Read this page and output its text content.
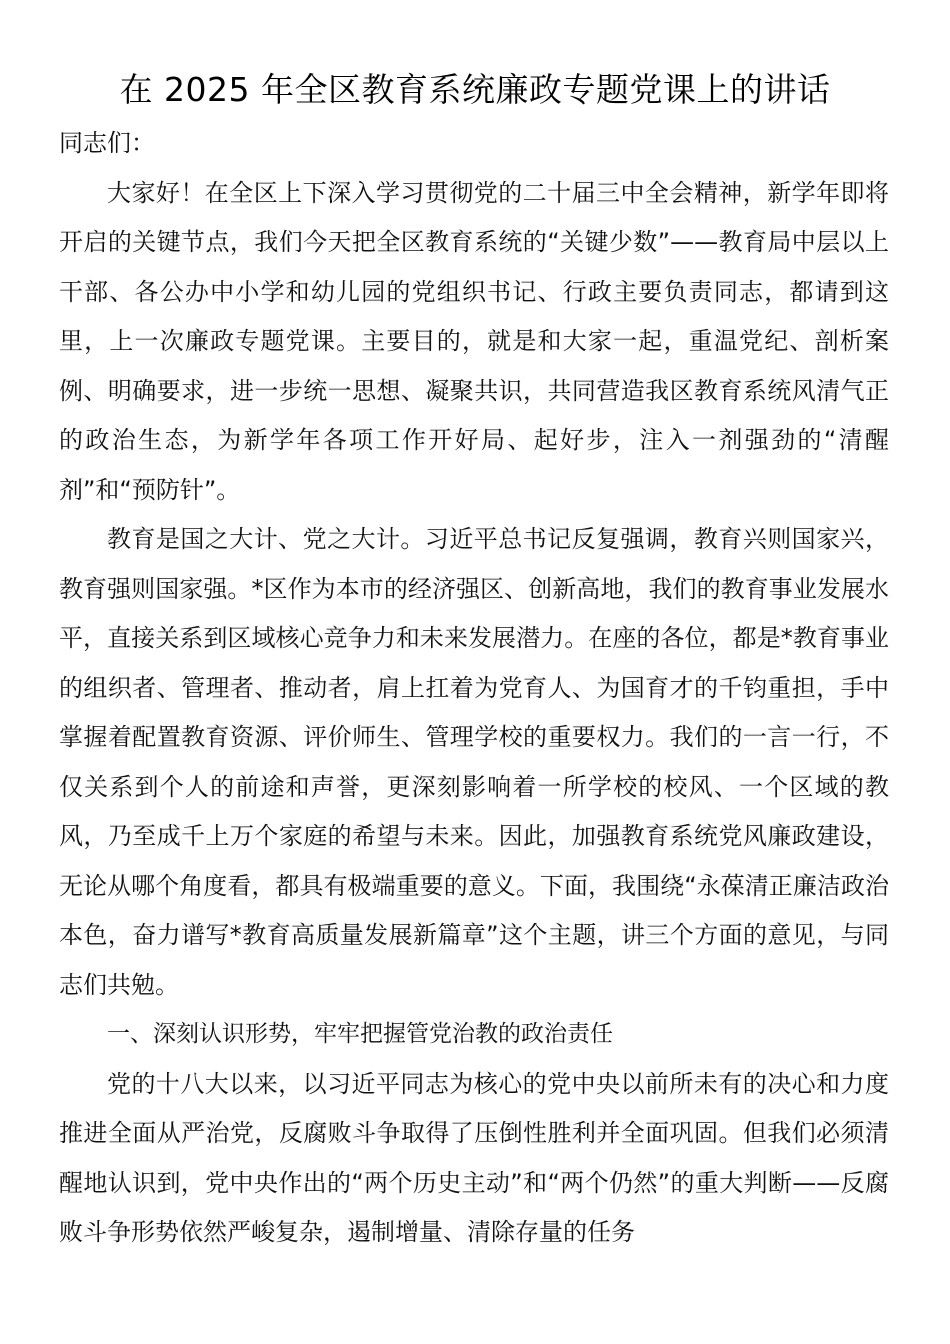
在 2025 年全区教育系统廉政专题党课上的讲话

同志们：

大家好！在全区上下深入学习贯彻党的二十届三中全会精神，新学年即将开启的关键节点，我们今天把全区教育系统的“关键少数”——教育局中层以上干部、各公办中小学和幼儿园的党组织书记、行政主要负责同志，都请到这里，上一次廉政专题党课。主要目的，就是和大家一起，重温党纪、剖析案例、明确要求，进一步统一思想、凝聚共识，共同营造我区教育系统风清气正的政治生态，为新学年各项工作开好局、起好步，注入一剂强劲的“清醒剂”和“预防针”。

教育是国之大计、党之大计。习近平总书记反复强调，教育兴则国家兴，教育强则国家强。*区作为本市的经济强区、创新高地，我们的教育事业发展水平，直接关系到区域核心竞争力和未来发展潜力。在座的各位，都是*教育事业的组织者、管理者、推动者，肩上扛着为党育人、为国育才的千钧重担，手中掌握着配置教育资源、评价师生、管理学校的重要权力。我们的一言一行，不仅关系到个人的前途和声誉，更深刻影响着一所学校的校风、一个区域的教风，乃至成千上万个家庭的希望与未来。因此，加强教育系统党风廉政建设，无论从哪个角度看，都具有极端重要的意义。下面，我围绕“永葆清正廉洁政治本色，奋力谱写*教育高质量发展新篇章”这个主题，讲三个方面的意见，与同志们共勉。

一、深刻认识形势，牢牢把握管党治教的政治责任

党的十八大以来，以习近平同志为核心的党中央以前所未有的决心和力度推进全面从严治党，反腐败斗争取得了压倒性胜利并全面巩固。但我们必须清醒地认识到，党中央作出的“两个历史主动”和“两个仍然”的重大判断——反腐败斗争形势依然严峻复杂，遏制增量、清除存量的任务
